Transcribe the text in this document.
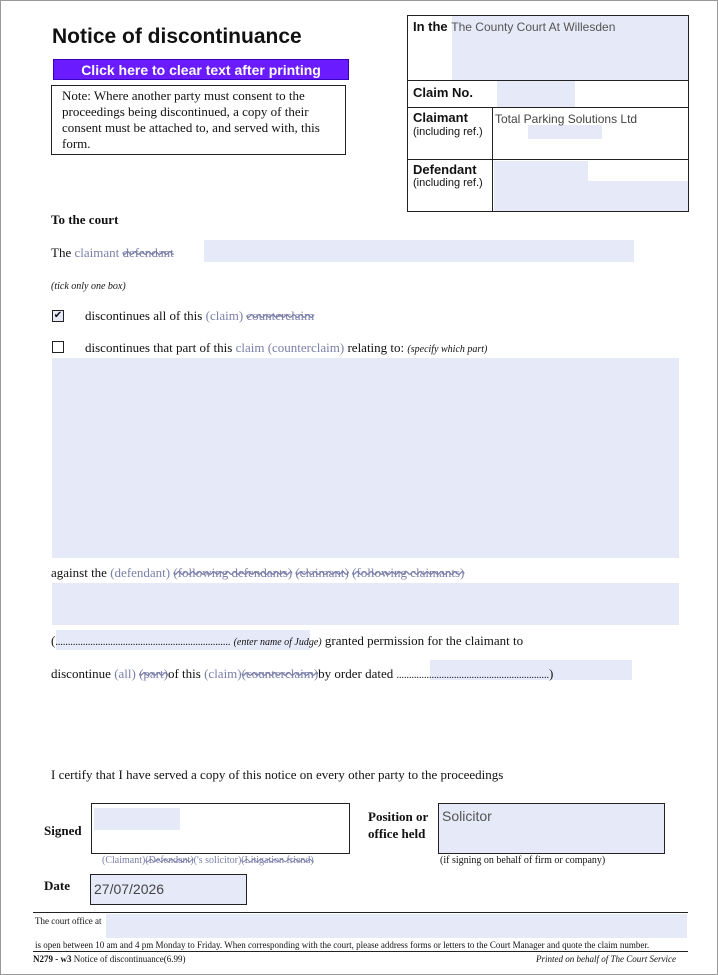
Notice of discontinuance
Click here to clear text after printing
Note: Where another party must consent to the proceedings being discontinued, a copy of their consent must be attached to, and served with, this form.
In the The County Court At Willesden
Claim No.
Claimant
(including ref.)
Total Parking Solutions Ltd
Defendant
(including ref.)
To the court
The claimant defendant
(tick only one box)
✔ discontinues all of this (claim) counterclaim
discontinues that part of this claim (counterclaim) relating to: (specify which part)
against the (defendant) (following defendants) (claimant) (following claimants)
(...................................................................... (enter name of Judge) granted permission for the claimant to
discontinue (all) (part)of this (claim)(counterclaim)by order dated .............................................................)
I certify that I have served a copy of this notice on every other party to the proceedings
Signed
Position or
office held
Solicitor
(Claimant)(Defendant)('s solicitor)(Litigation friend)	(if signing on behalf of firm or company)
Date 27/07/2026
The court office at
is open between 10 am and 4 pm Monday to Friday. When corresponding with the court, please address forms or letters to the Court Manager and quote the claim number.
N279 - w3 Notice of discontinuance(6.99)	Printed on behalf of The Court Service
